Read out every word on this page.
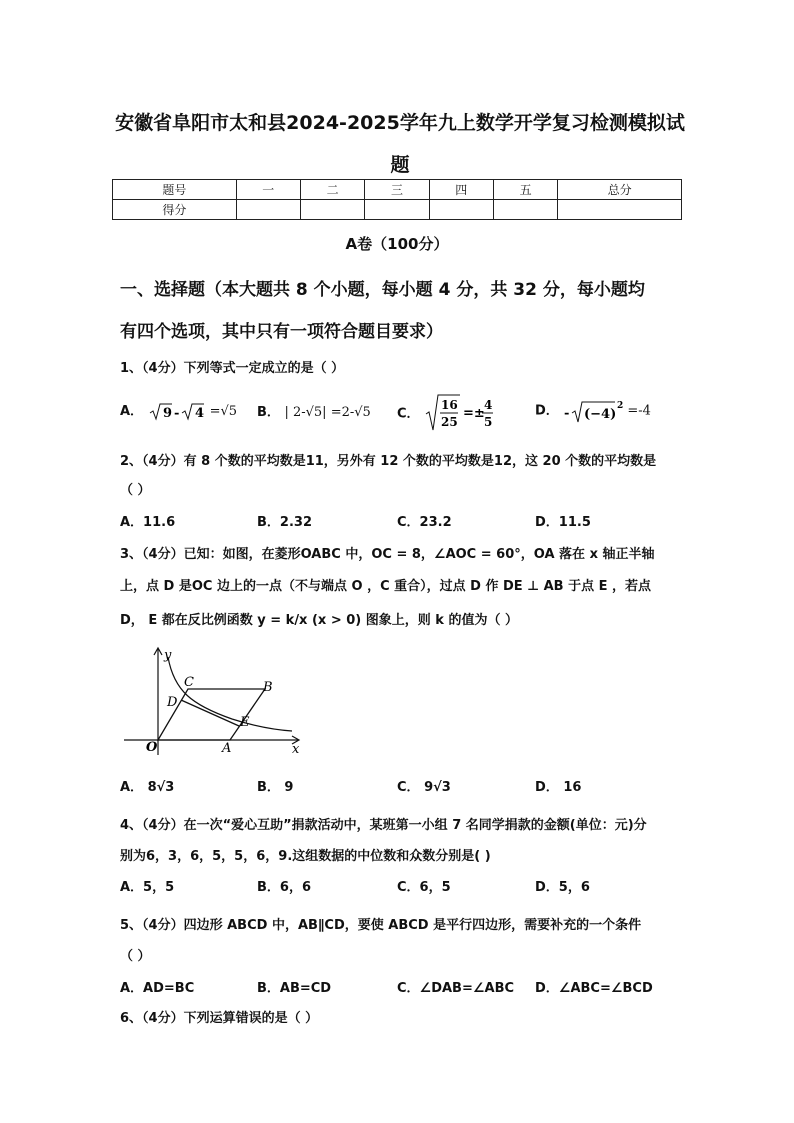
安徽省阜阳市太和县2024-2025学年九上数学开学复习检测模拟试
题
题号	一	二	三	四	五	总分
得分						
A卷（100分）
一、选择题（本大题共 8 个小题，每小题 4 分，共 32 分，每小题均
有四个选项，其中只有一项符合题目要求）
1、（4分）下列等式一定成立的是（ ）
A． 9 - 4 =√5 B． | 2-√5| =2-√5 C．
16
25
=±
4
5
D． - (−4)
2 =-4
2、（4分）有 8 个数的平均数是11，另外有 12 个数的平均数是12，这 20 个数的平均数是
（ ）
A．11.6	B．2.32	C．23.2	D．11.5
3、（4分）已知：如图，在菱形OABC 中，OC = 8，∠AOC = 60°，OA 落在 x 轴正半轴
上，点 D 是OC 边上的一点（不与端点 O ，C 重合），过点 D 作 DE ⊥ AB 于点 E ，若点
D， E 都在反比例函数 y = k/x (x > 0) 图象上，则 k 的值为（ ）
y
x
O	A
B
C
D
E
A． 8√3	B． 9	C． 9√3	D． 16
4、（4分）在一次“爱心互助”捐款活动中，某班第一小组 7 名同学捐款的金额(单位：元)分
别为6，3，6，5，5，6，9.这组数据的中位数和众数分别是( )
A．5，5	B．6，6	C．6，5	D．5，6
5、（4分）四边形 ABCD 中，AB∥CD，要使 ABCD 是平行四边形，需要补充的一个条件
（ ）
A．AD=BC	B．AB=CD	C．∠DAB=∠ABC D．∠ABC=∠BCD
6、（4分）下列运算错误的是（ ）
